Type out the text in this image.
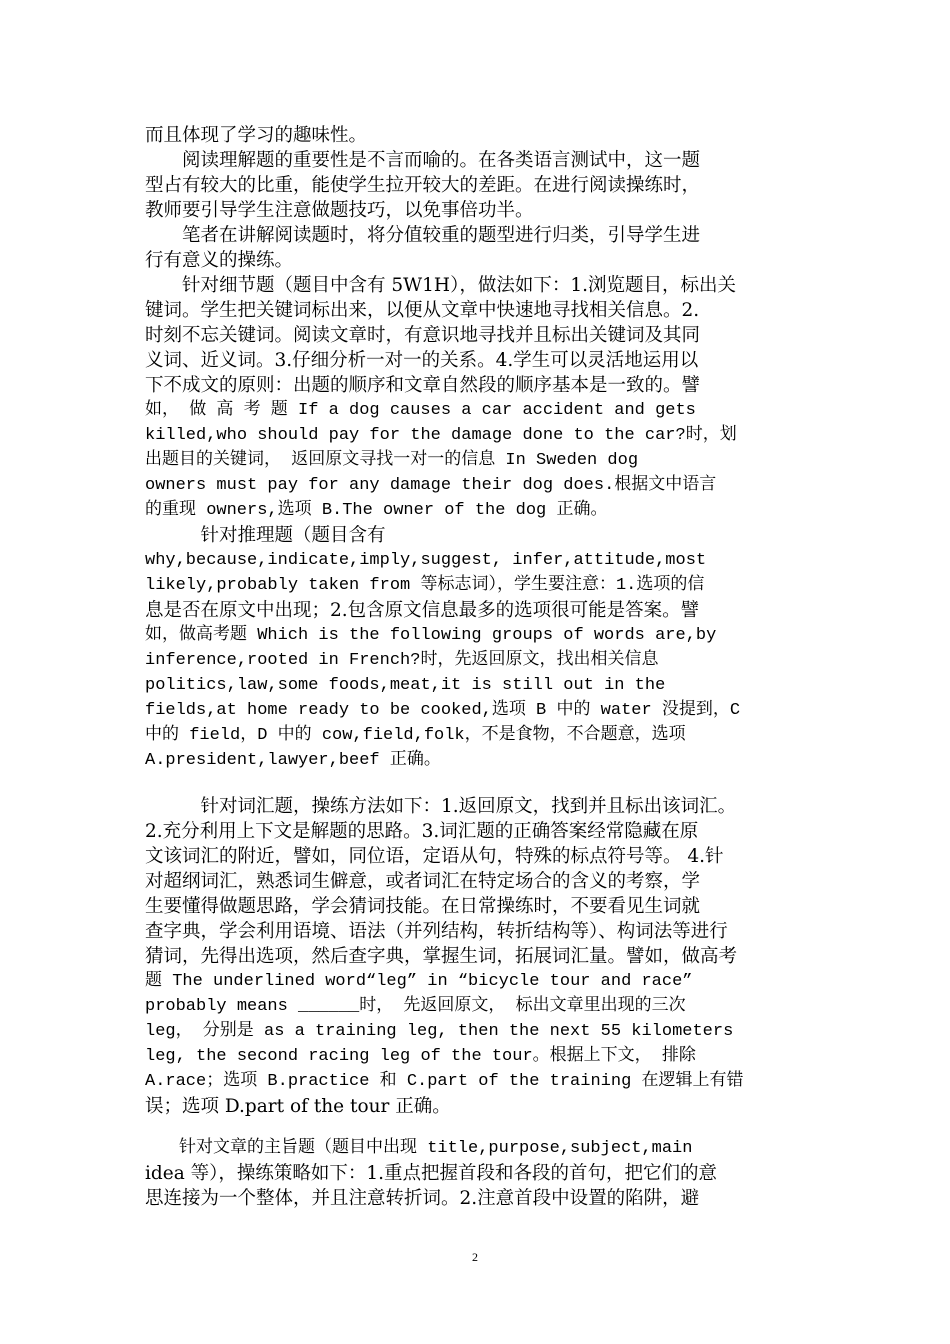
而且体现了学习的趣味性。
　　阅读理解题的重要性是不言而喻的。在各类语言测试中，这一题
型占有较大的比重，能使学生拉开较大的差距。在进行阅读操练时，
教师要引导学生注意做题技巧，以免事倍功半。
　　笔者在讲解阅读题时，将分值较重的题型进行归类，引导学生进
行有意义的操练。
　　针对细节题（题目中含有 5W1H），做法如下：1.浏览题目，标出关
键词。学生把关键词标出来，以便从文章中快速地寻找相关信息。2.
时刻不忘关键词。阅读文章时，有意识地寻找并且标出关键词及其同
义词、近义词。3.仔细分析一对一的关系。4.学生可以灵活地运用以
下不成文的原则：出题的顺序和文章自然段的顺序基本是一致的。譬
如， 做 高 考 题 If a dog causes a car accident and gets
killed,who should pay for the damage done to the car?时，划
出题目的关键词， 返回原文寻找一对一的信息 In Sweden dog
owners must pay for any damage their dog does.根据文中语言
的重现 owners,选项 B.The owner of the dog 正确。
　　　针对推理题（题目含有
why,because,indicate,imply,suggest, infer,attitude,most
likely,probably taken from 等标志词），学生要注意：1.选项的信
息是否在原文中出现；2.包含原文信息最多的选项很可能是答案。譬
如，做高考题 Which is the following groups of words are,by
inference,rooted in French?时，先返回原文，找出相关信息
politics,law,some foods,meat,it is still out in the
fields,at home ready to be cooked,选项 B 中的 water 没提到，C
中的 field，D 中的 cow,field,folk，不是食物，不合题意，选项
A.president,lawyer,beef 正确。
　　　针对词汇题，操练方法如下：1.返回原文，找到并且标出该词汇。
2.充分利用上下文是解题的思路。3.词汇题的正确答案经常隐藏在原
文该词汇的附近，譬如，同位语，定语从句，特殊的标点符号等。 4.针
对超纲词汇，熟悉词生僻意，或者词汇在特定场合的含义的考察，学
生要懂得做题思路，学会猜词技能。在日常操练时，不要看见生词就
查字典，学会利用语境、语法（并列结构，转折结构等）、构词法等进行
猜词，先得出选项，然后查字典，掌握生词，拓展词汇量。譬如，做高考
题 The underlined word“leg” in “bicycle tour and race”
probably means ______时， 先返回原文， 标出文章里出现的三次
leg， 分别是 as a training leg, then the next 55 kilometers
leg, the second racing leg of the tour。根据上下文， 排除
A.race；选项 B.practice 和 C.part of the training 在逻辑上有错
误；选项 D.part of the tour 正确。
　　针对文章的主旨题（题目中出现 title,purpose,subject,main
idea 等），操练策略如下：1.重点把握首段和各段的首句，把它们的意
思连接为一个整体，并且注意转折词。2.注意首段中设置的陷阱，避
2
